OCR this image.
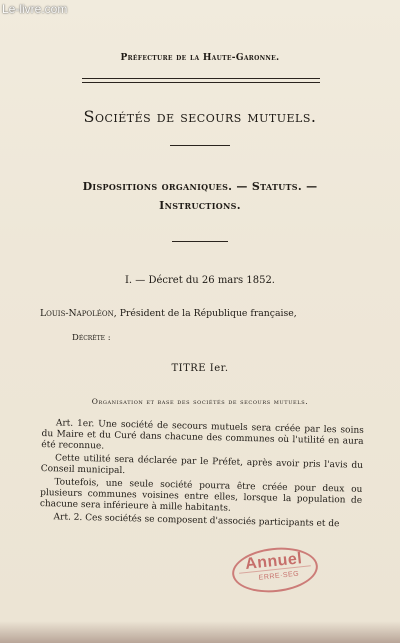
Le-livre.com
Préfecture de la Haute-Garonne.
Sociétés de secours mutuels.
Dispositions organiques. — Statuts. —
Instructions.
I. — Décret du 26 mars 1852.
Louis-Napoléon, Président de la République française,
Décrète :
TITRE Ier.
Organisation et base des sociétés de secours mutuels.

Art. 1er. Une société de secours mutuels sera créée par les soins du Maire et du Curé dans chacune des communes où l'utilité en aura été reconnue.

Cette utilité sera déclarée par le Préfet, après avoir pris l'avis du Conseil municipal.

Toutefois, une seule société pourra être créée pour deux ou plusieurs communes voisines entre elles, lorsque la population de chacune sera inférieure à mille habitants.

Art. 2. Ces sociétés se composent d'associés participants et de

Annuel
ERRE·SEG
